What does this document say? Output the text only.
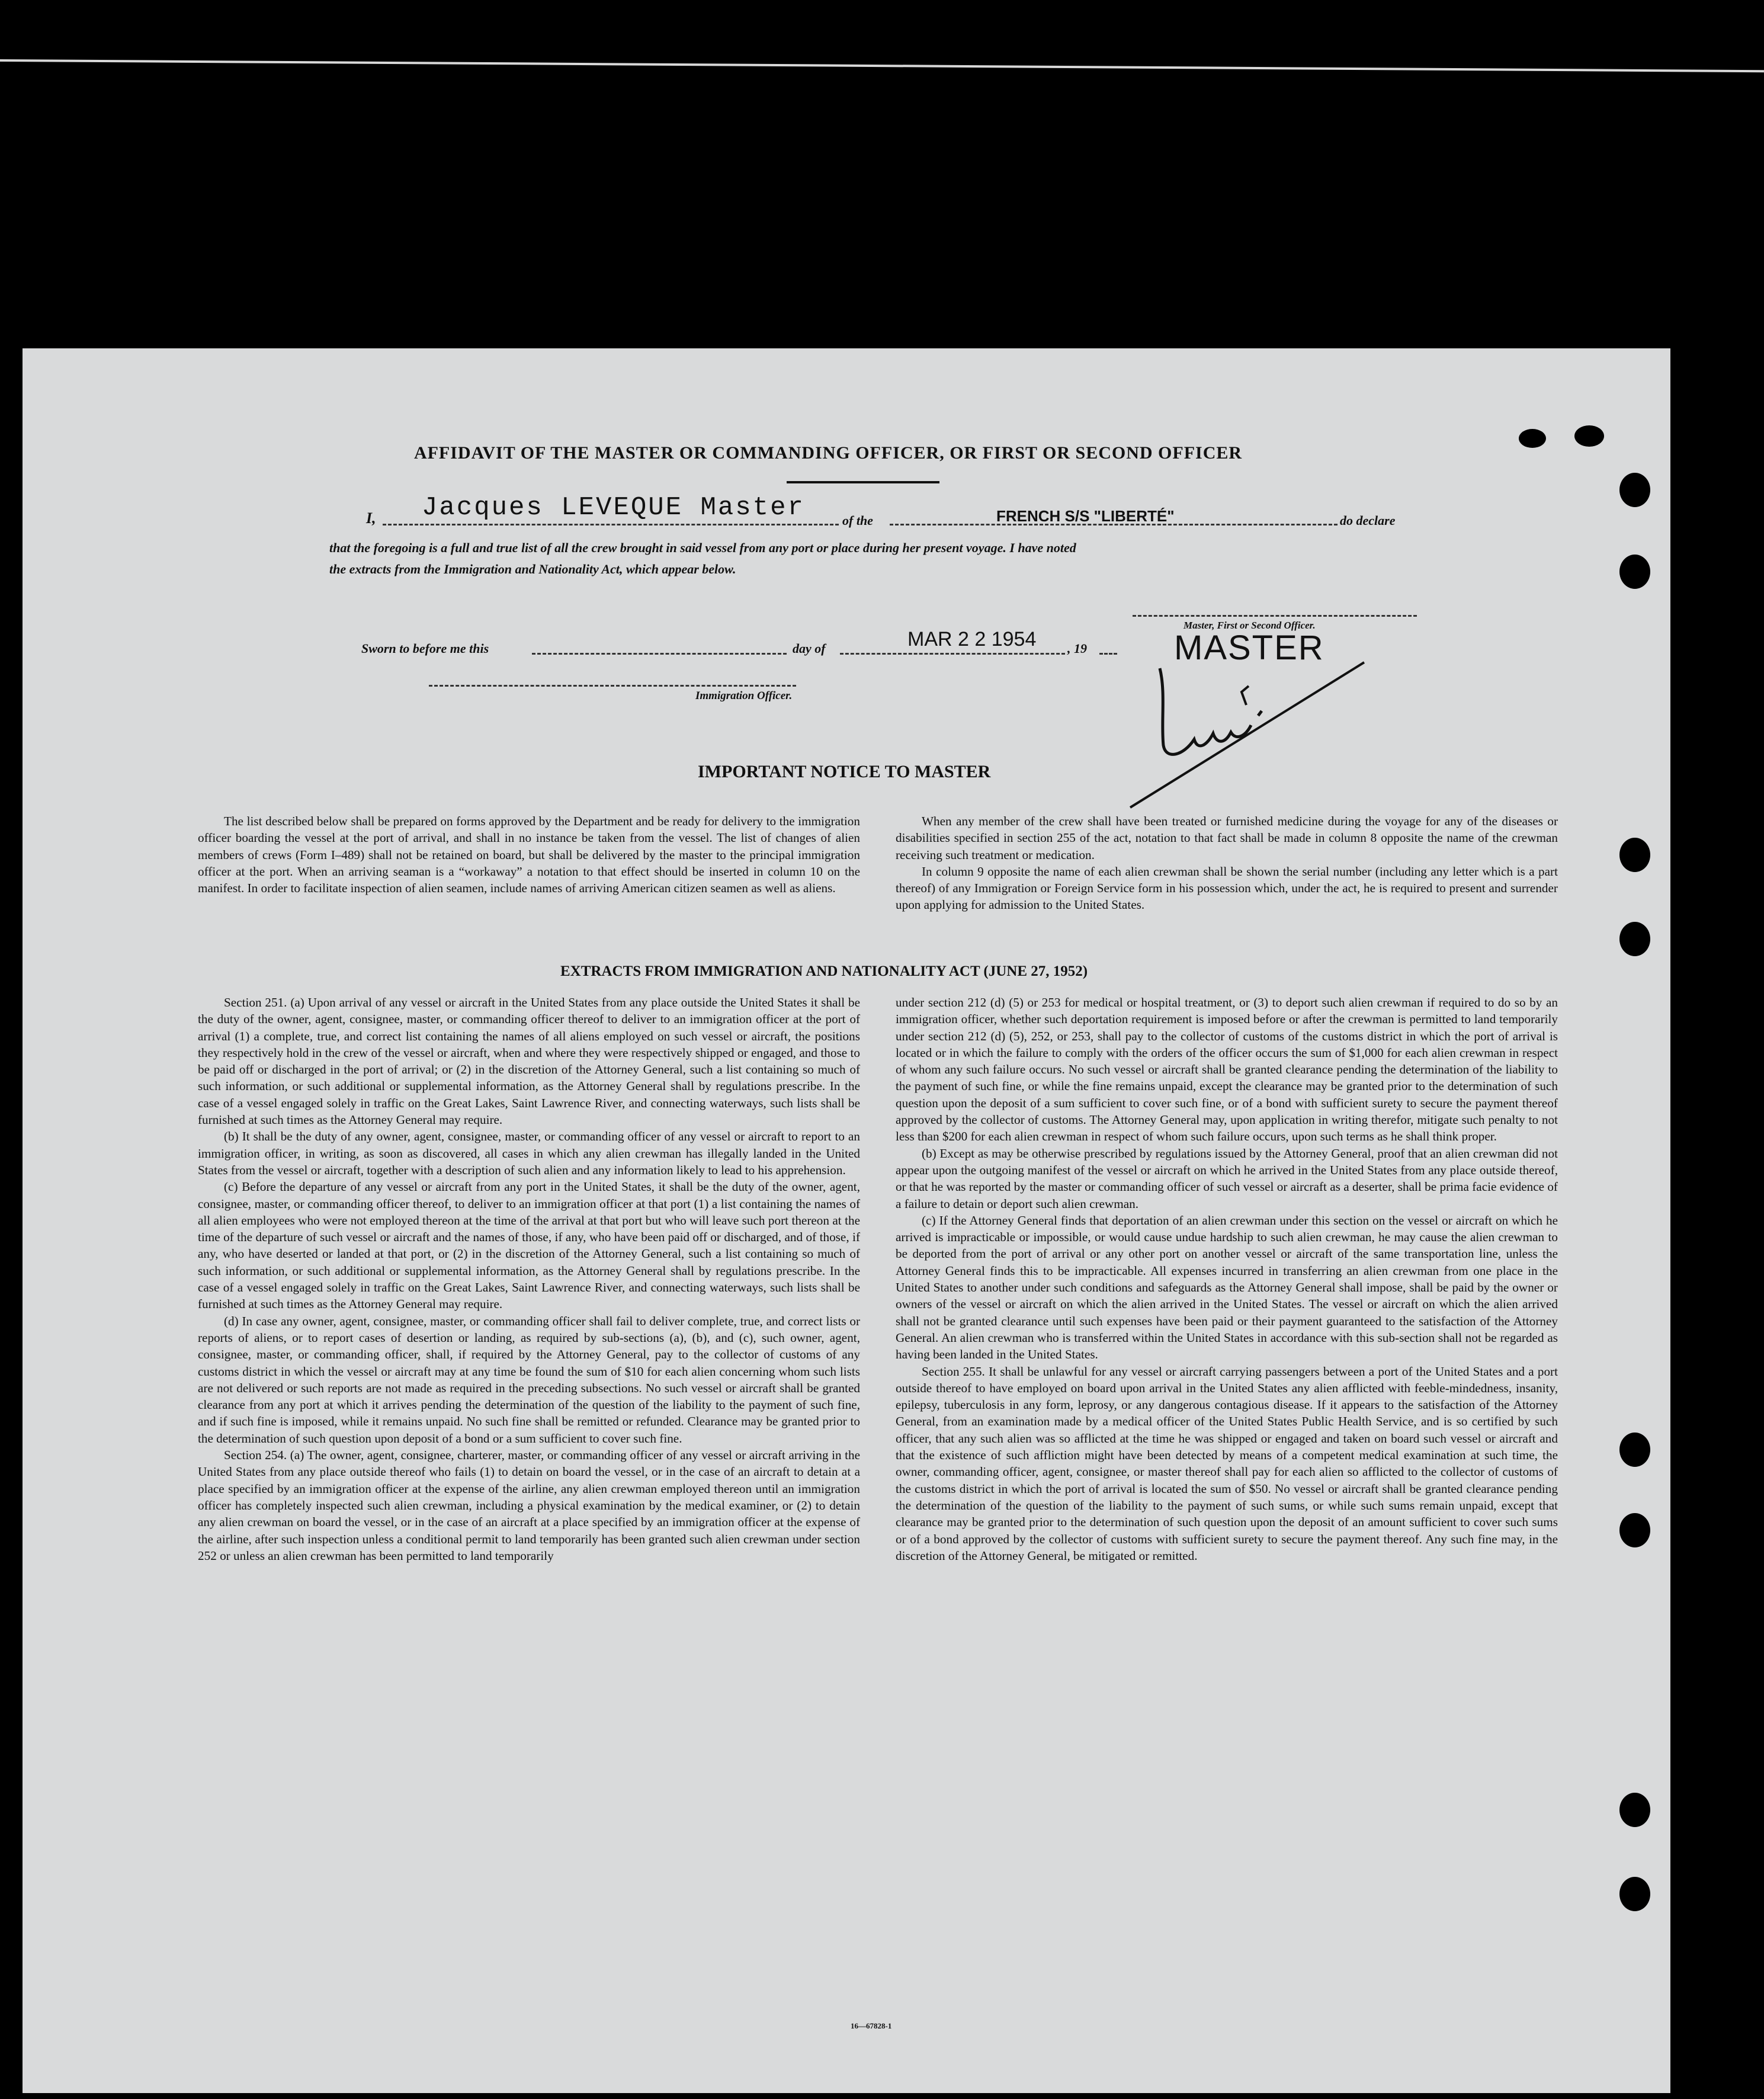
AFFIDAVIT OF THE MASTER OR COMMANDING OFFICER, OR FIRST OR SECOND OFFICER
I, Jacques LEVEQUE Master	of the	FRENCH S/S "LIBERTÉ"	do declare
that the foregoing is a full and true list of all the crew brought in said vessel from any port or place during her present voyage. I have noted
the extracts from the Immigration and Nationality Act, which appear below.
Master, First or Second Officer.
Sworn to before me this	day of	MAR 2 2 1954 , 19	MASTER
Immigration Officer.
IMPORTANT NOTICE TO MASTER

The list described below shall be prepared on forms approved by the Department and be ready for delivery to the immigration officer boarding the vessel at the port of arrival, and shall in no instance be taken from the vessel. The list of changes of alien members of crews (Form I–489) shall not be retained on board, but shall be delivered by the master to the principal immigration officer at the port. When an arriving seaman is a “workaway” a notation to that effect should be inserted in column 10 on the manifest. In order to facilitate inspection of alien seamen, include names of arriving American citizen seamen as well as aliens.

When any member of the crew shall have been treated or furnished medicine during the voyage for any of the diseases or disabilities specified in section 255 of the act, notation to that fact shall be made in column 8 opposite the name of the crewman receiving such treatment or medication.

In column 9 opposite the name of each alien crewman shall be shown the serial number (including any letter which is a part thereof) of any Immigration or Foreign Service form in his possession which, under the act, he is required to present and surrender upon applying for admission to the United States.

EXTRACTS FROM IMMIGRATION AND NATIONALITY ACT (JUNE 27, 1952)

Section 251. (a) Upon arrival of any vessel or aircraft in the United States from any place outside the United States it shall be the duty of the owner, agent, consignee, master, or commanding officer thereof to deliver to an immigration officer at the port of arrival (1) a complete, true, and correct list containing the names of all aliens employed on such vessel or aircraft, the positions they respectively hold in the crew of the vessel or aircraft, when and where they were respectively shipped or engaged, and those to be paid off or discharged in the port of arrival; or (2) in the discretion of the Attorney General, such a list containing so much of such information, or such additional or supplemental information, as the Attorney General shall by regulations prescribe. In the case of a vessel engaged solely in traffic on the Great Lakes, Saint Lawrence River, and connecting waterways, such lists shall be furnished at such times as the Attorney General may require.

(b) It shall be the duty of any owner, agent, consignee, master, or commanding officer of any vessel or aircraft to report to an immigration officer, in writing, as soon as discovered, all cases in which any alien crewman has illegally landed in the United States from the vessel or aircraft, together with a description of such alien and any information likely to lead to his apprehension.

(c) Before the departure of any vessel or aircraft from any port in the United States, it shall be the duty of the owner, agent, consignee, master, or commanding officer thereof, to deliver to an immigration officer at that port (1) a list containing the names of all alien employees who were not employed thereon at the time of the arrival at that port but who will leave such port thereon at the time of the departure of such vessel or aircraft and the names of those, if any, who have been paid off or discharged, and of those, if any, who have deserted or landed at that port, or (2) in the discretion of the Attorney General, such a list containing so much of such information, or such additional or supplemental information, as the Attorney General shall by regulations prescribe. In the case of a vessel engaged solely in traffic on the Great Lakes, Saint Lawrence River, and connecting waterways, such lists shall be furnished at such times as the Attorney General may require.

(d) In case any owner, agent, consignee, master, or commanding officer shall fail to deliver complete, true, and correct lists or reports of aliens, or to report cases of desertion or landing, as required by sub-sections (a), (b), and (c), such owner, agent, consignee, master, or commanding officer, shall, if required by the Attorney General, pay to the collector of customs of any customs district in which the vessel or aircraft may at any time be found the sum of $10 for each alien concerning whom such lists are not delivered or such reports are not made as required in the preceding subsections. No such vessel or aircraft shall be granted clearance from any port at which it arrives pending the determination of the question of the liability to the payment of such fine, and if such fine is imposed, while it remains unpaid. No such fine shall be remitted or refunded. Clearance may be granted prior to the determination of such question upon deposit of a bond or a sum sufficient to cover such fine.

Section 254. (a) The owner, agent, consignee, charterer, master, or commanding officer of any vessel or aircraft arriving in the United States from any place outside thereof who fails (1) to detain on board the vessel, or in the case of an aircraft to detain at a place specified by an immigration officer at the expense of the airline, any alien crewman employed thereon until an immigration officer has completely inspected such alien crewman, including a physical examination by the medical examiner, or (2) to detain any alien crewman on board the vessel, or in the case of an aircraft at a place specified by an immigration officer at the expense of the airline, after such inspection unless a conditional permit to land temporarily has been granted such alien crewman under section 252 or unless an alien crewman has been permitted to land temporarily

under section 212 (d) (5) or 253 for medical or hospital treatment, or (3) to deport such alien crewman if required to do so by an immigration officer, whether such deportation requirement is imposed before or after the crewman is permitted to land temporarily under section 212 (d) (5), 252, or 253, shall pay to the collector of customs of the customs district in which the port of arrival is located or in which the failure to comply with the orders of the officer occurs the sum of $1,000 for each alien crewman in respect of whom any such failure occurs. No such vessel or aircraft shall be granted clearance pending the determination of the liability to the payment of such fine, or while the fine remains unpaid, except the clearance may be granted prior to the determination of such question upon the deposit of a sum sufficient to cover such fine, or of a bond with sufficient surety to secure the payment thereof approved by the collector of customs. The Attorney General may, upon application in writing therefor, mitigate such penalty to not less than $200 for each alien crewman in respect of whom such failure occurs, upon such terms as he shall think proper.

(b) Except as may be otherwise prescribed by regulations issued by the Attorney General, proof that an alien crewman did not appear upon the outgoing manifest of the vessel or aircraft on which he arrived in the United States from any place outside thereof, or that he was reported by the master or commanding officer of such vessel or aircraft as a deserter, shall be prima facie evidence of a failure to detain or deport such alien crewman.

(c) If the Attorney General finds that deportation of an alien crewman under this section on the vessel or aircraft on which he arrived is impracticable or impossible, or would cause undue hardship to such alien crewman, he may cause the alien crewman to be deported from the port of arrival or any other port on another vessel or aircraft of the same transportation line, unless the Attorney General finds this to be impracticable. All expenses incurred in transferring an alien crewman from one place in the United States to another under such conditions and safeguards as the Attorney General shall impose, shall be paid by the owner or owners of the vessel or aircraft on which the alien arrived in the United States. The vessel or aircraft on which the alien arrived shall not be granted clearance until such expenses have been paid or their payment guaranteed to the satisfaction of the Attorney General. An alien crewman who is transferred within the United States in accordance with this sub-section shall not be regarded as having been landed in the United States.

Section 255. It shall be unlawful for any vessel or aircraft carrying passengers between a port of the United States and a port outside thereof to have employed on board upon arrival in the United States any alien afflicted with feeble-mindedness, insanity, epilepsy, tuberculosis in any form, leprosy, or any dangerous contagious disease. If it appears to the satisfaction of the Attorney General, from an examination made by a medical officer of the United States Public Health Service, and is so certified by such officer, that any such alien was so afflicted at the time he was shipped or engaged and taken on board such vessel or aircraft and that the existence of such affliction might have been detected by means of a competent medical examination at such time, the owner, commanding officer, agent, consignee, or master thereof shall pay for each alien so afflicted to the collector of customs of the customs district in which the port of arrival is located the sum of $50. No vessel or aircraft shall be granted clearance pending the determination of the question of the liability to the payment of such sums, or while such sums remain unpaid, except that clearance may be granted prior to the determination of such question upon the deposit of an amount sufficient to cover such sums or of a bond approved by the collector of customs with sufficient surety to secure the payment thereof. Any such fine may, in the discretion of the Attorney General, be mitigated or remitted.

16—67828-1
